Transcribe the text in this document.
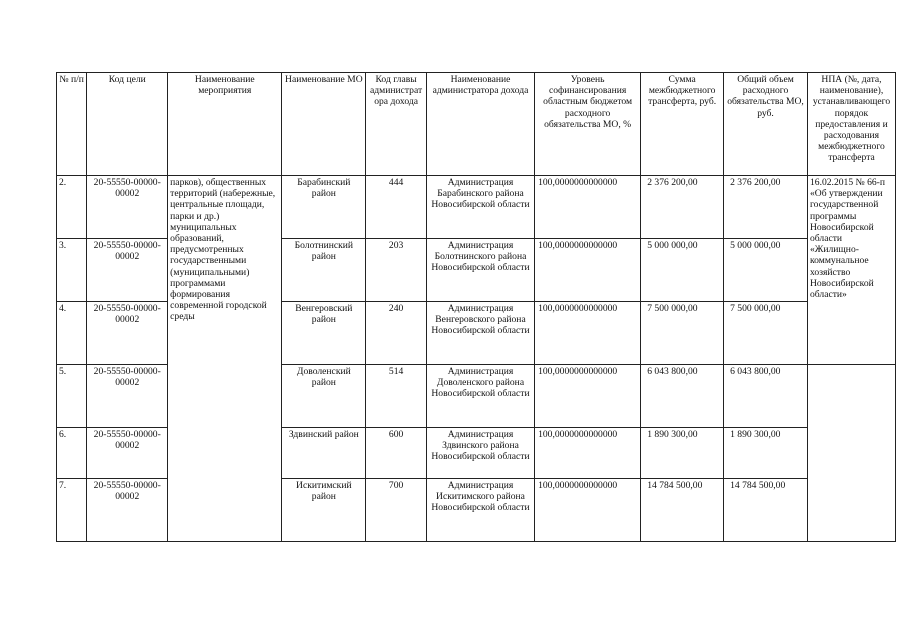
№ п/п	Код цели	Наименование мероприятия	Наименование МО	Код главы администратора дохода	Наименование администратора дохода	Уровень софинансирования областным бюджетом расходного обязательства МО, %	Сумма межбюджетного трансферта, руб.	Общий объем расходного обязательства МО, руб.	НПА (№, дата, наименование), устанавливающего порядок предоставления и расходования межбюджетного трансферта
2.	20-55550-00000-00002	парков), общественных территорий (набережные, центральные площади, парки и др.) муниципальных образований, предусмотренных государственными (муниципальными) программами формирования современной городской среды	Барабинский район	444	Администрация Барабинского района Новосибирской области	100,0000000000000	2 376 200,00	2 376 200,00	16.02.2015 № 66-п «Об утверждении государственной программы Новосибирской области «Жилищно-коммунальное хозяйство Новосибирской области»
3.	20-55550-00000-00002		Болотнинский район	203	Администрация Болотнинского района Новосибирской области	100,0000000000000	5 000 000,00	5 000 000,00	
4.	20-55550-00000-00002		Венгеровский район	240	Администрация Венгеровского района Новосибирской области	100,0000000000000	7 500 000,00	7 500 000,00	
5.	20-55550-00000-00002		Доволенский район	514	Администрация Доволенского района Новосибирской области	100,0000000000000	6 043 800,00	6 043 800,00	
6.	20-55550-00000-00002		Здвинский район	600	Администрация Здвинского района Новосибирской области	100,0000000000000	1 890 300,00	1 890 300,00	
7.	20-55550-00000-00002		Искитимский район	700	Администрация Искитимского района Новосибирской области	100,0000000000000	14 784 500,00	14 784 500,00	
